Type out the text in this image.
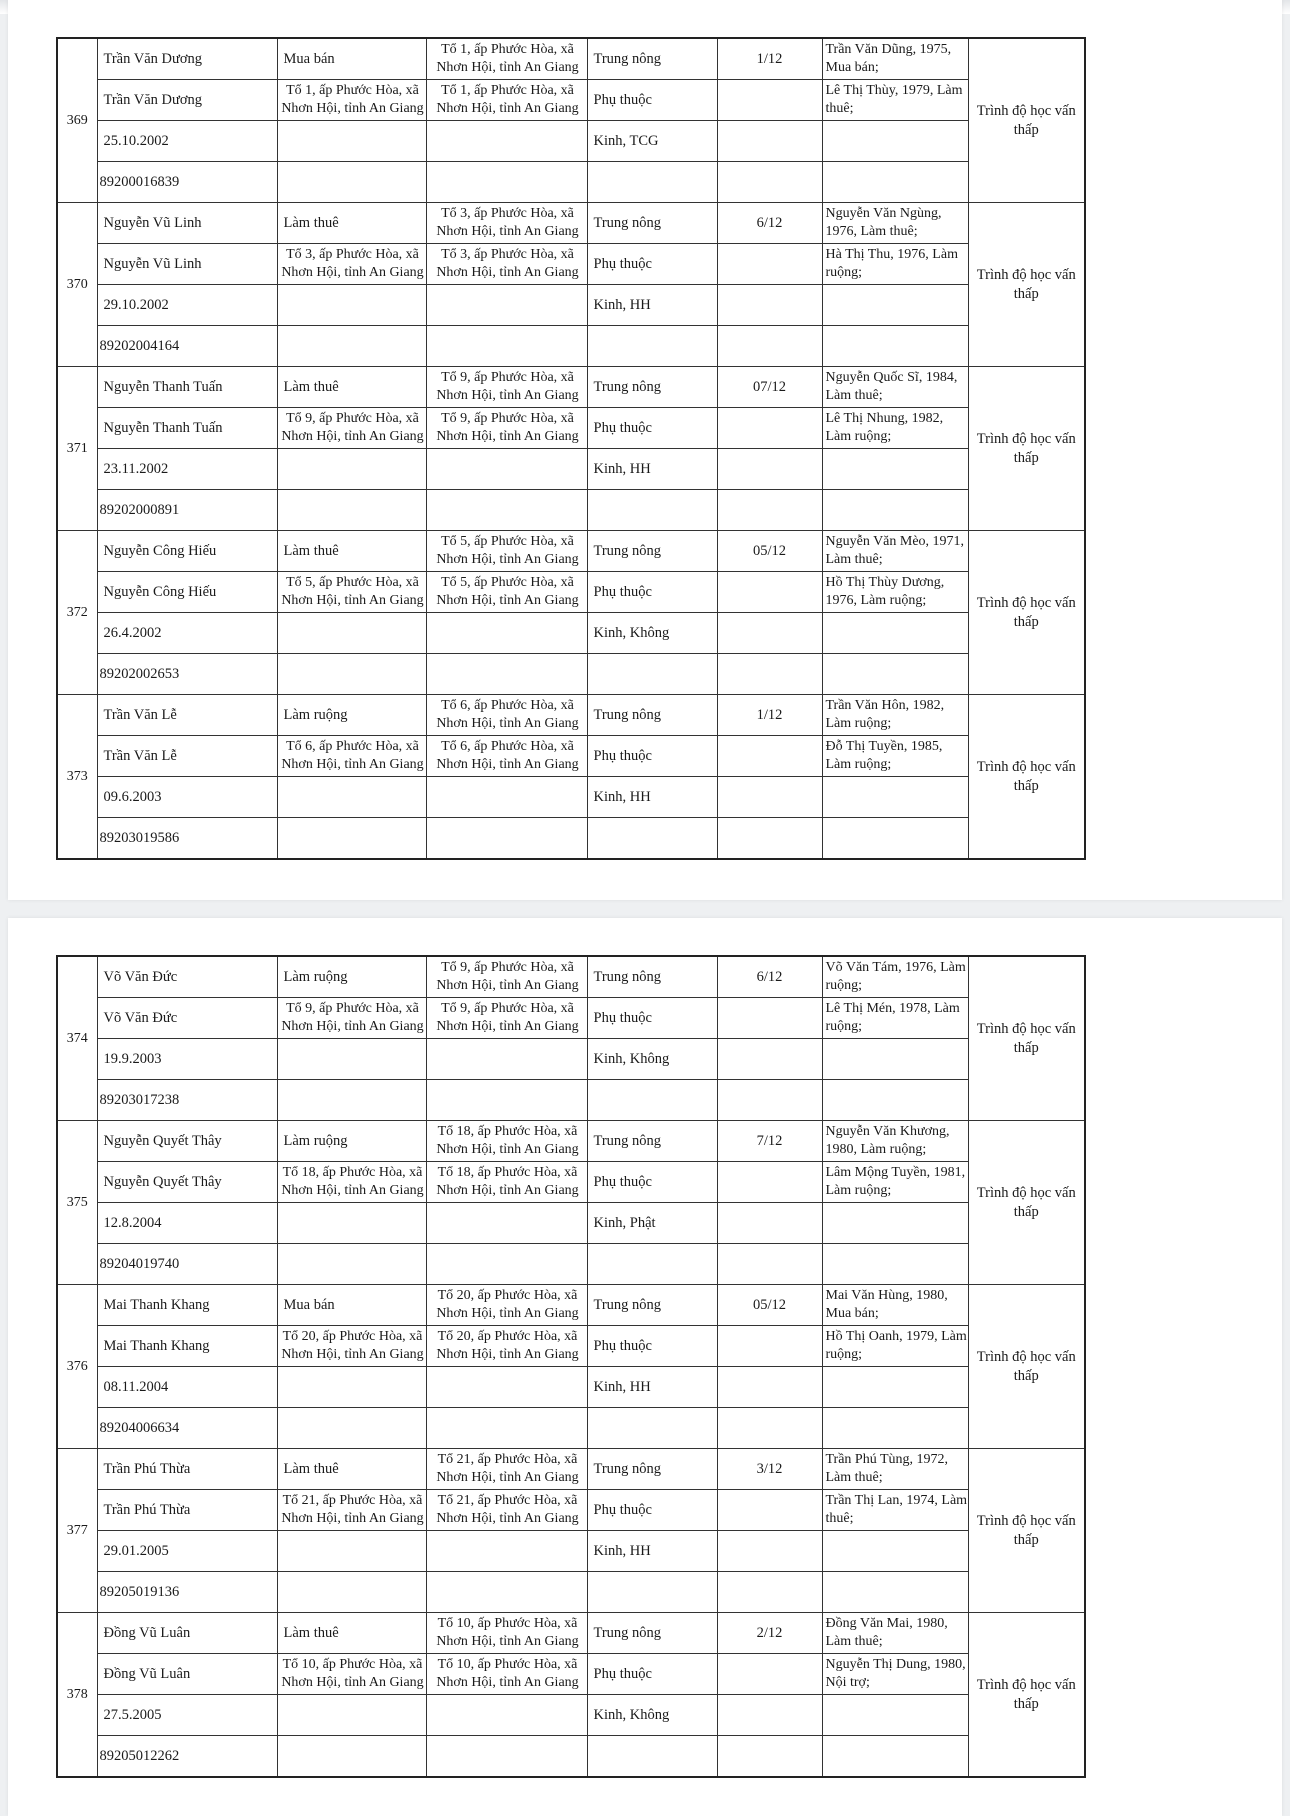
369	Trần Văn Dương	Mua bán	Tổ 1, ấp Phước Hòa, xã Nhơn Hội, tỉnh An Giang	Trung nông	1/12	Trần Văn Dũng, 1975, Mua bán;	Trình độ học vấn thấp
	Trần Văn Dương	Tổ 1, ấp Phước Hòa, xã Nhơn Hội, tỉnh An Giang	Tổ 1, ấp Phước Hòa, xã Nhơn Hội, tỉnh An Giang	Phụ thuộc		Lê Thị Thùy, 1979, Làm thuê;	
	25.10.2002			Kinh, TCG			
	89200016839						
370	Nguyễn Vũ Linh	Làm thuê	Tổ 3, ấp Phước Hòa, xã Nhơn Hội, tỉnh An Giang	Trung nông	6/12	Nguyễn Văn Ngùng, 1976, Làm thuê;	Trình độ học vấn thấp
	Nguyễn Vũ Linh	Tổ 3, ấp Phước Hòa, xã Nhơn Hội, tỉnh An Giang	Tổ 3, ấp Phước Hòa, xã Nhơn Hội, tỉnh An Giang	Phụ thuộc		Hà Thị Thu, 1976, Làm ruộng;	
	29.10.2002			Kinh, HH			
	89202004164						
371	Nguyễn Thanh Tuấn	Làm thuê	Tổ 9, ấp Phước Hòa, xã Nhơn Hội, tỉnh An Giang	Trung nông	07/12	Nguyễn Quốc Sĩ, 1984, Làm thuê;	Trình độ học vấn thấp
	Nguyễn Thanh Tuấn	Tổ 9, ấp Phước Hòa, xã Nhơn Hội, tỉnh An Giang	Tổ 9, ấp Phước Hòa, xã Nhơn Hội, tỉnh An Giang	Phụ thuộc		Lê Thị Nhung, 1982, Làm ruộng;	
	23.11.2002			Kinh, HH			
	89202000891						
372	Nguyễn Công Hiếu	Làm thuê	Tổ 5, ấp Phước Hòa, xã Nhơn Hội, tỉnh An Giang	Trung nông	05/12	Nguyễn Văn Mèo, 1971, Làm thuê;	Trình độ học vấn thấp
	Nguyễn Công Hiếu	Tổ 5, ấp Phước Hòa, xã Nhơn Hội, tỉnh An Giang	Tổ 5, ấp Phước Hòa, xã Nhơn Hội, tỉnh An Giang	Phụ thuộc		Hồ Thị Thùy Dương, 1976, Làm ruộng;	
	26.4.2002			Kinh, Không			
	89202002653						
373	Trần Văn Lễ	Làm ruộng	Tổ 6, ấp Phước Hòa, xã Nhơn Hội, tỉnh An Giang	Trung nông	1/12	Trần Văn Hôn, 1982, Làm ruộng;	Trình độ học vấn thấp
	Trần Văn Lễ	Tổ 6, ấp Phước Hòa, xã Nhơn Hội, tỉnh An Giang	Tổ 6, ấp Phước Hòa, xã Nhơn Hội, tỉnh An Giang	Phụ thuộc		Đỗ Thị Tuyền, 1985, Làm ruộng;	
	09.6.2003			Kinh, HH			
	89203019586						
374	Võ Văn Đức	Làm ruộng	Tổ 9, ấp Phước Hòa, xã Nhơn Hội, tỉnh An Giang	Trung nông	6/12	Võ Văn Tám, 1976, Làm ruộng;	Trình độ học vấn thấp
	Võ Văn Đức	Tổ 9, ấp Phước Hòa, xã Nhơn Hội, tỉnh An Giang	Tổ 9, ấp Phước Hòa, xã Nhơn Hội, tỉnh An Giang	Phụ thuộc		Lê Thị Mén, 1978, Làm ruộng;	
	19.9.2003			Kinh, Không			
	89203017238						
375	Nguyễn Quyết Thây	Làm ruộng	Tổ 18, ấp Phước Hòa, xã Nhơn Hội, tỉnh An Giang	Trung nông	7/12	Nguyễn Văn Khương, 1980, Làm ruộng;	Trình độ học vấn thấp
	Nguyễn Quyết Thây	Tổ 18, ấp Phước Hòa, xã Nhơn Hội, tỉnh An Giang	Tổ 18, ấp Phước Hòa, xã Nhơn Hội, tỉnh An Giang	Phụ thuộc		Lâm Mộng Tuyền, 1981, Làm ruộng;	
	12.8.2004			Kinh, Phật			
	89204019740						
376	Mai Thanh Khang	Mua bán	Tổ 20, ấp Phước Hòa, xã Nhơn Hội, tỉnh An Giang	Trung nông	05/12	Mai Văn Hùng, 1980, Mua bán;	Trình độ học vấn thấp
	Mai Thanh Khang	Tổ 20, ấp Phước Hòa, xã Nhơn Hội, tỉnh An Giang	Tổ 20, ấp Phước Hòa, xã Nhơn Hội, tỉnh An Giang	Phụ thuộc		Hồ Thị Oanh, 1979, Làm ruộng;	
	08.11.2004			Kinh, HH			
	89204006634						
377	Trần Phú Thừa	Làm thuê	Tổ 21, ấp Phước Hòa, xã Nhơn Hội, tỉnh An Giang	Trung nông	3/12	Trần Phú Tùng, 1972, Làm thuê;	Trình độ học vấn thấp
	Trần Phú Thừa	Tổ 21, ấp Phước Hòa, xã Nhơn Hội, tỉnh An Giang	Tổ 21, ấp Phước Hòa, xã Nhơn Hội, tỉnh An Giang	Phụ thuộc		Trần Thị Lan, 1974, Làm thuê;	
	29.01.2005			Kinh, HH			
	89205019136						
378	Đồng Vũ Luân	Làm thuê	Tổ 10, ấp Phước Hòa, xã Nhơn Hội, tỉnh An Giang	Trung nông	2/12	Đồng Văn Mai, 1980, Làm thuê;	Trình độ học vấn thấp
	Đồng Vũ Luân	Tổ 10, ấp Phước Hòa, xã Nhơn Hội, tỉnh An Giang	Tổ 10, ấp Phước Hòa, xã Nhơn Hội, tỉnh An Giang	Phụ thuộc		Nguyễn Thị Dung, 1980, Nội trợ;	
	27.5.2005			Kinh, Không			
	89205012262						
